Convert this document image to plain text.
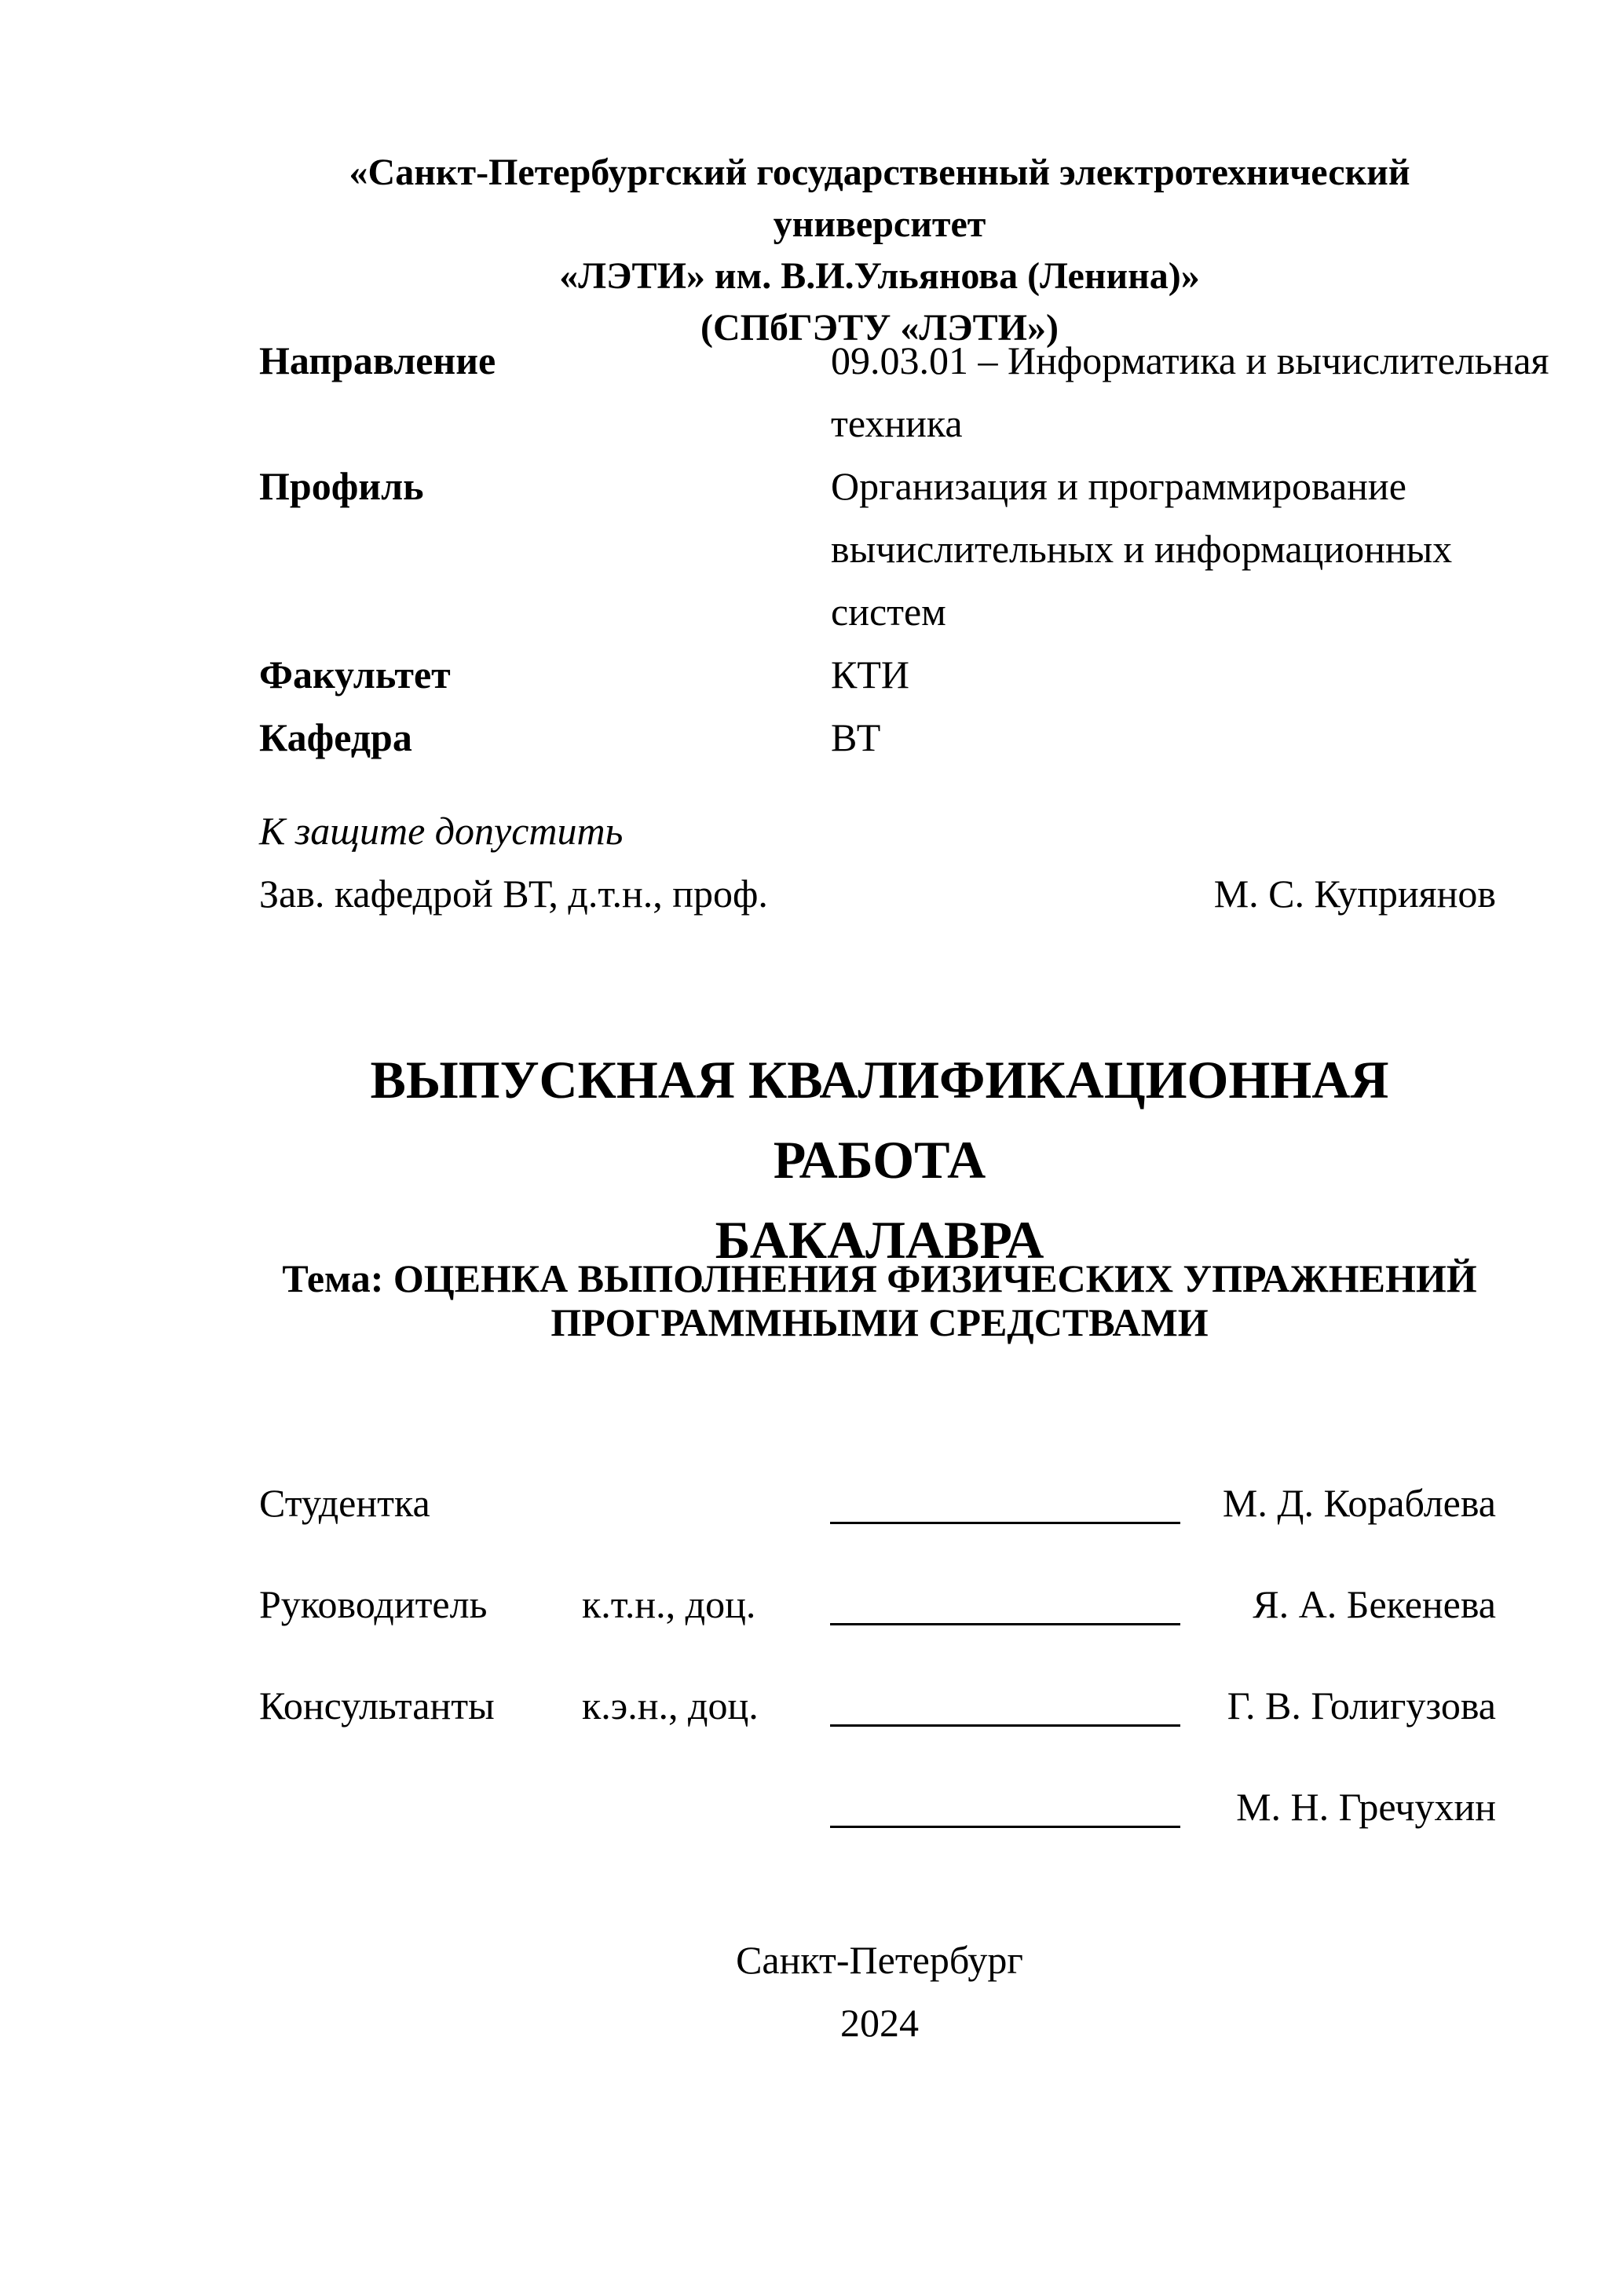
«Санкт-Петербургский государственный электротехнический университет
«ЛЭТИ» им. В.И.Ульянова (Ленина)»
(СПбГЭТУ «ЛЭТИ»)
Направление	09.03.01 – Информатика и вычислительная
техника
Профиль	Организация и программирование
вычислительных и информационных
систем
Факультет	КТИ
Кафедра	ВТ
К защите допустить
Зав. кафедрой ВТ, д.т.н., проф.	М. С. Куприянов
ВЫПУСКНАЯ КВАЛИФИКАЦИОННАЯ РАБОТА
БАКАЛАВРА
Тема: ОЦЕНКА ВЫПОЛНЕНИЯ ФИЗИЧЕСКИХ УПРАЖНЕНИЙ
ПРОГРАММНЫМИ СРЕДСТВАМИ
Студентка	М. Д. Кораблева
Руководитель к.т.н., доц.	Я. А. Бекенева
Консультанты к.э.н., доц.	Г. В. Голигузова
М. Н. Гречухин
Санкт-Петербург
2024
